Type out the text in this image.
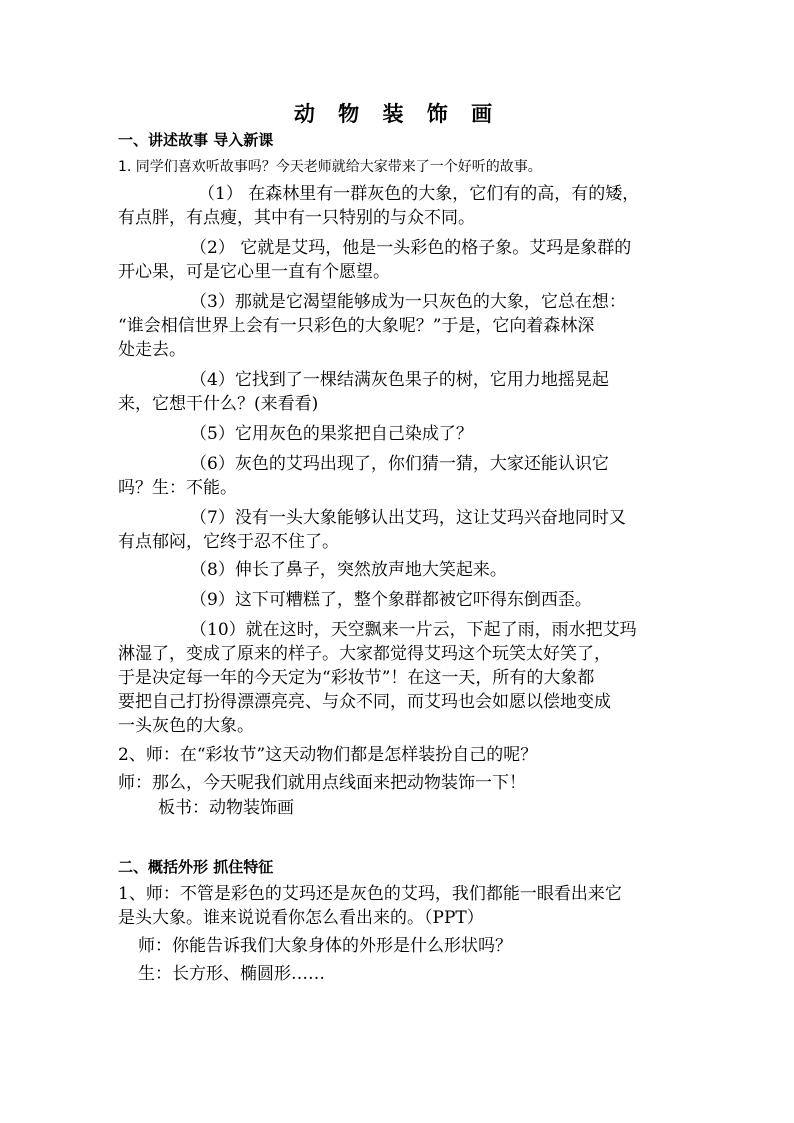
动 物 装 饰 画
一、讲述故事 导入新课
1. 同学们喜欢听故事吗？今天老师就给大家带来了一个好听的故事。
（1） 在森林里有一群灰色的大象，它们有的高，有的矮，
有点胖，有点瘦，其中有一只特别的与众不同。
（2） 它就是艾玛，他是一头彩色的格子象。艾玛是象群的
开心果，可是它心里一直有个愿望。
（3）那就是它渴望能够成为一只灰色的大象，它总在想：
“谁会相信世界上会有一只彩色的大象呢？”于是，它向着森林深
处走去。
（4）它找到了一棵结满灰色果子的树，它用力地摇晃起
来，它想干什么？(来看看)
（5）它用灰色的果浆把自己染成了？
（6）灰色的艾玛出现了，你们猜一猜，大家还能认识它
吗？生：不能。
（7）没有一头大象能够认出艾玛，这让艾玛兴奋地同时又
有点郁闷，它终于忍不住了。
（8）伸长了鼻子，突然放声地大笑起来。
（9）这下可糟糕了，整个象群都被它吓得东倒西歪。
（10）就在这时，天空飘来一片云，下起了雨，雨水把艾玛
淋湿了，变成了原来的样子。大家都觉得艾玛这个玩笑太好笑了，
于是决定每一年的今天定为“彩妆节”！在这一天，所有的大象都
要把自己打扮得漂漂亮亮、与众不同，而艾玛也会如愿以偿地变成
一头灰色的大象。
2、师：在“彩妆节”这天动物们都是怎样装扮自己的呢？
师：那么，今天呢我们就用点线面来把动物装饰一下！
板书：动物装饰画
二、概括外形 抓住特征
1、师：不管是彩色的艾玛还是灰色的艾玛，我们都能一眼看出来它
是头大象。谁来说说看你怎么看出来的。（PPT）
师：你能告诉我们大象身体的外形是什么形状吗？
生：长方形、椭圆形……
